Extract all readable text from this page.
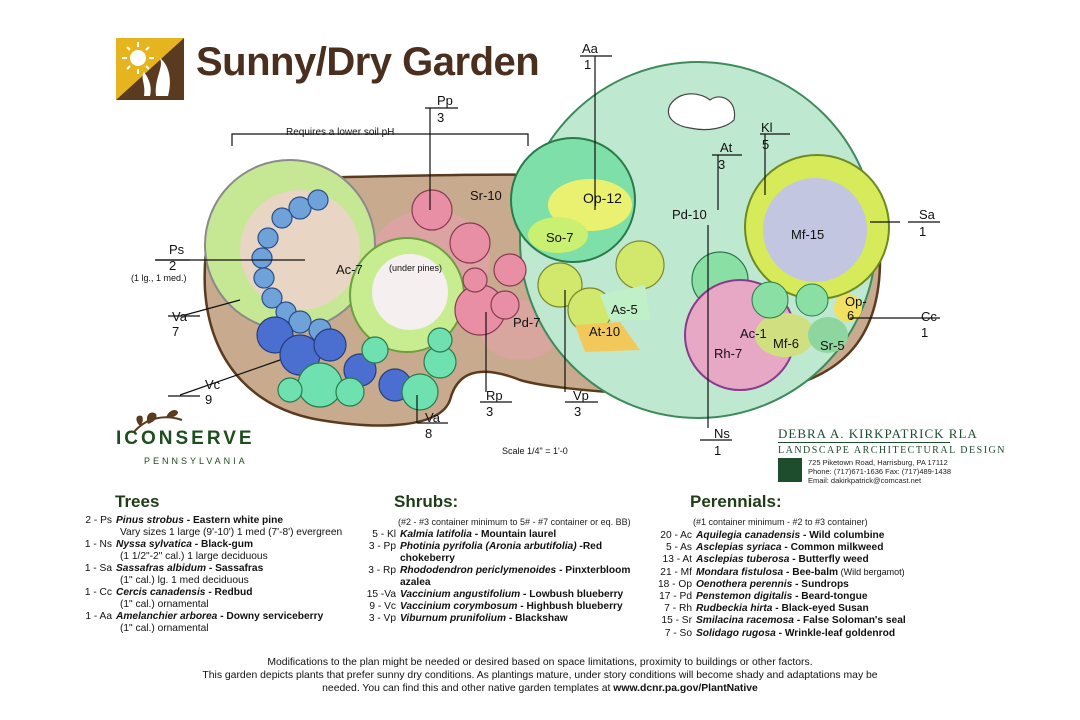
Sunny/Dry Garden	Aa
1
Pp
3
Kl
5
At
3
Sa
1
Ps
2
(1 lg., 1 med.)
Va
7
Vc
9
Va
8
Rp
3
Vp
3
Ns
1
Cc
1
Sr-10	Op-12
So-7
Pd-10
Mf-15
Ac-7	(under pines)
Pd-7
As-5
At-10	Ac-1
Rh-7
Mf-6 Sr-5
Op-
6
Requires a lower soil pH
ICONSERVE
PENNSYLVANIA
Scale 1/4" = 1'-0
DEBRA A. KIRKPATRICK RLA
LANDSCAPE ARCHITECTURAL DESIGN
725 Piketown Road, Harrisburg, PA 17112
Phone: (717)671-1636 Fax: (717)489-1438
Email: dakirkpatrick@comcast.net
Trees
2 - Ps Pinus strobus - Eastern white pine
Vary sizes 1 large (9'-10') 1 med (7'-8') evergreen
1 - Ns Nyssa sylvatica - Black-gum
(1 1/2"-2" cal.) 1 large deciduous
1 - Sa Sassafras albidum - Sassafras
(1" cal.) lg. 1 med deciduous
1 - Cc Cercis canadensis - Redbud
(1" cal.) ornamental
1 - Aa Amelanchier arborea - Downy serviceberry
(1" cal.) ornamental
Shrubs:
(#2 - #3 container minimum to 5# - #7 container or eq. BB)
5 - Kl Kalmia latifolia - Mountain laurel
3 - Pp Photinia pyrifolia (Aronia arbutifolia) -Red
chokeberry
3 - Rp Rhododendron periclymenoides - Pinxterbloom
azalea
15 -Va Vaccinium angustifolium - Lowbush blueberry
9 - Vc Vaccinium corymbosum - Highbush blueberry
3 - Vp Viburnum prunifolium - Blackshaw
Perennials:
(#1 container minimum - #2 to #3 container)
20 - Ac Aquilegia canadensis - Wild columbine
5 - As Asclepias syriaca - Common milkweed
13 - At Asclepias tuberosa - Butterfly weed
21 - Mf Mondara fistulosa - Bee-balm (Wild bergamot)
18 - Op Oenothera perennis - Sundrops
17 - Pd Penstemon digitalis - Beard-tongue
7 - Rh Rudbeckia hirta - Black-eyed Susan
15 - Sr Smilacina racemosa - False Soloman's seal
7 - So Solidago rugosa - Wrinkle-leaf goldenrod
Modifications to the plan might be needed or desired based on space limitations, proximity to buildings or other factors.
This garden depicts plants that prefer sunny dry conditions. As plantings mature, under story conditions will become shady and adaptations may be
needed. You can find this and other native garden templates at www.dcnr.pa.gov/PlantNative
